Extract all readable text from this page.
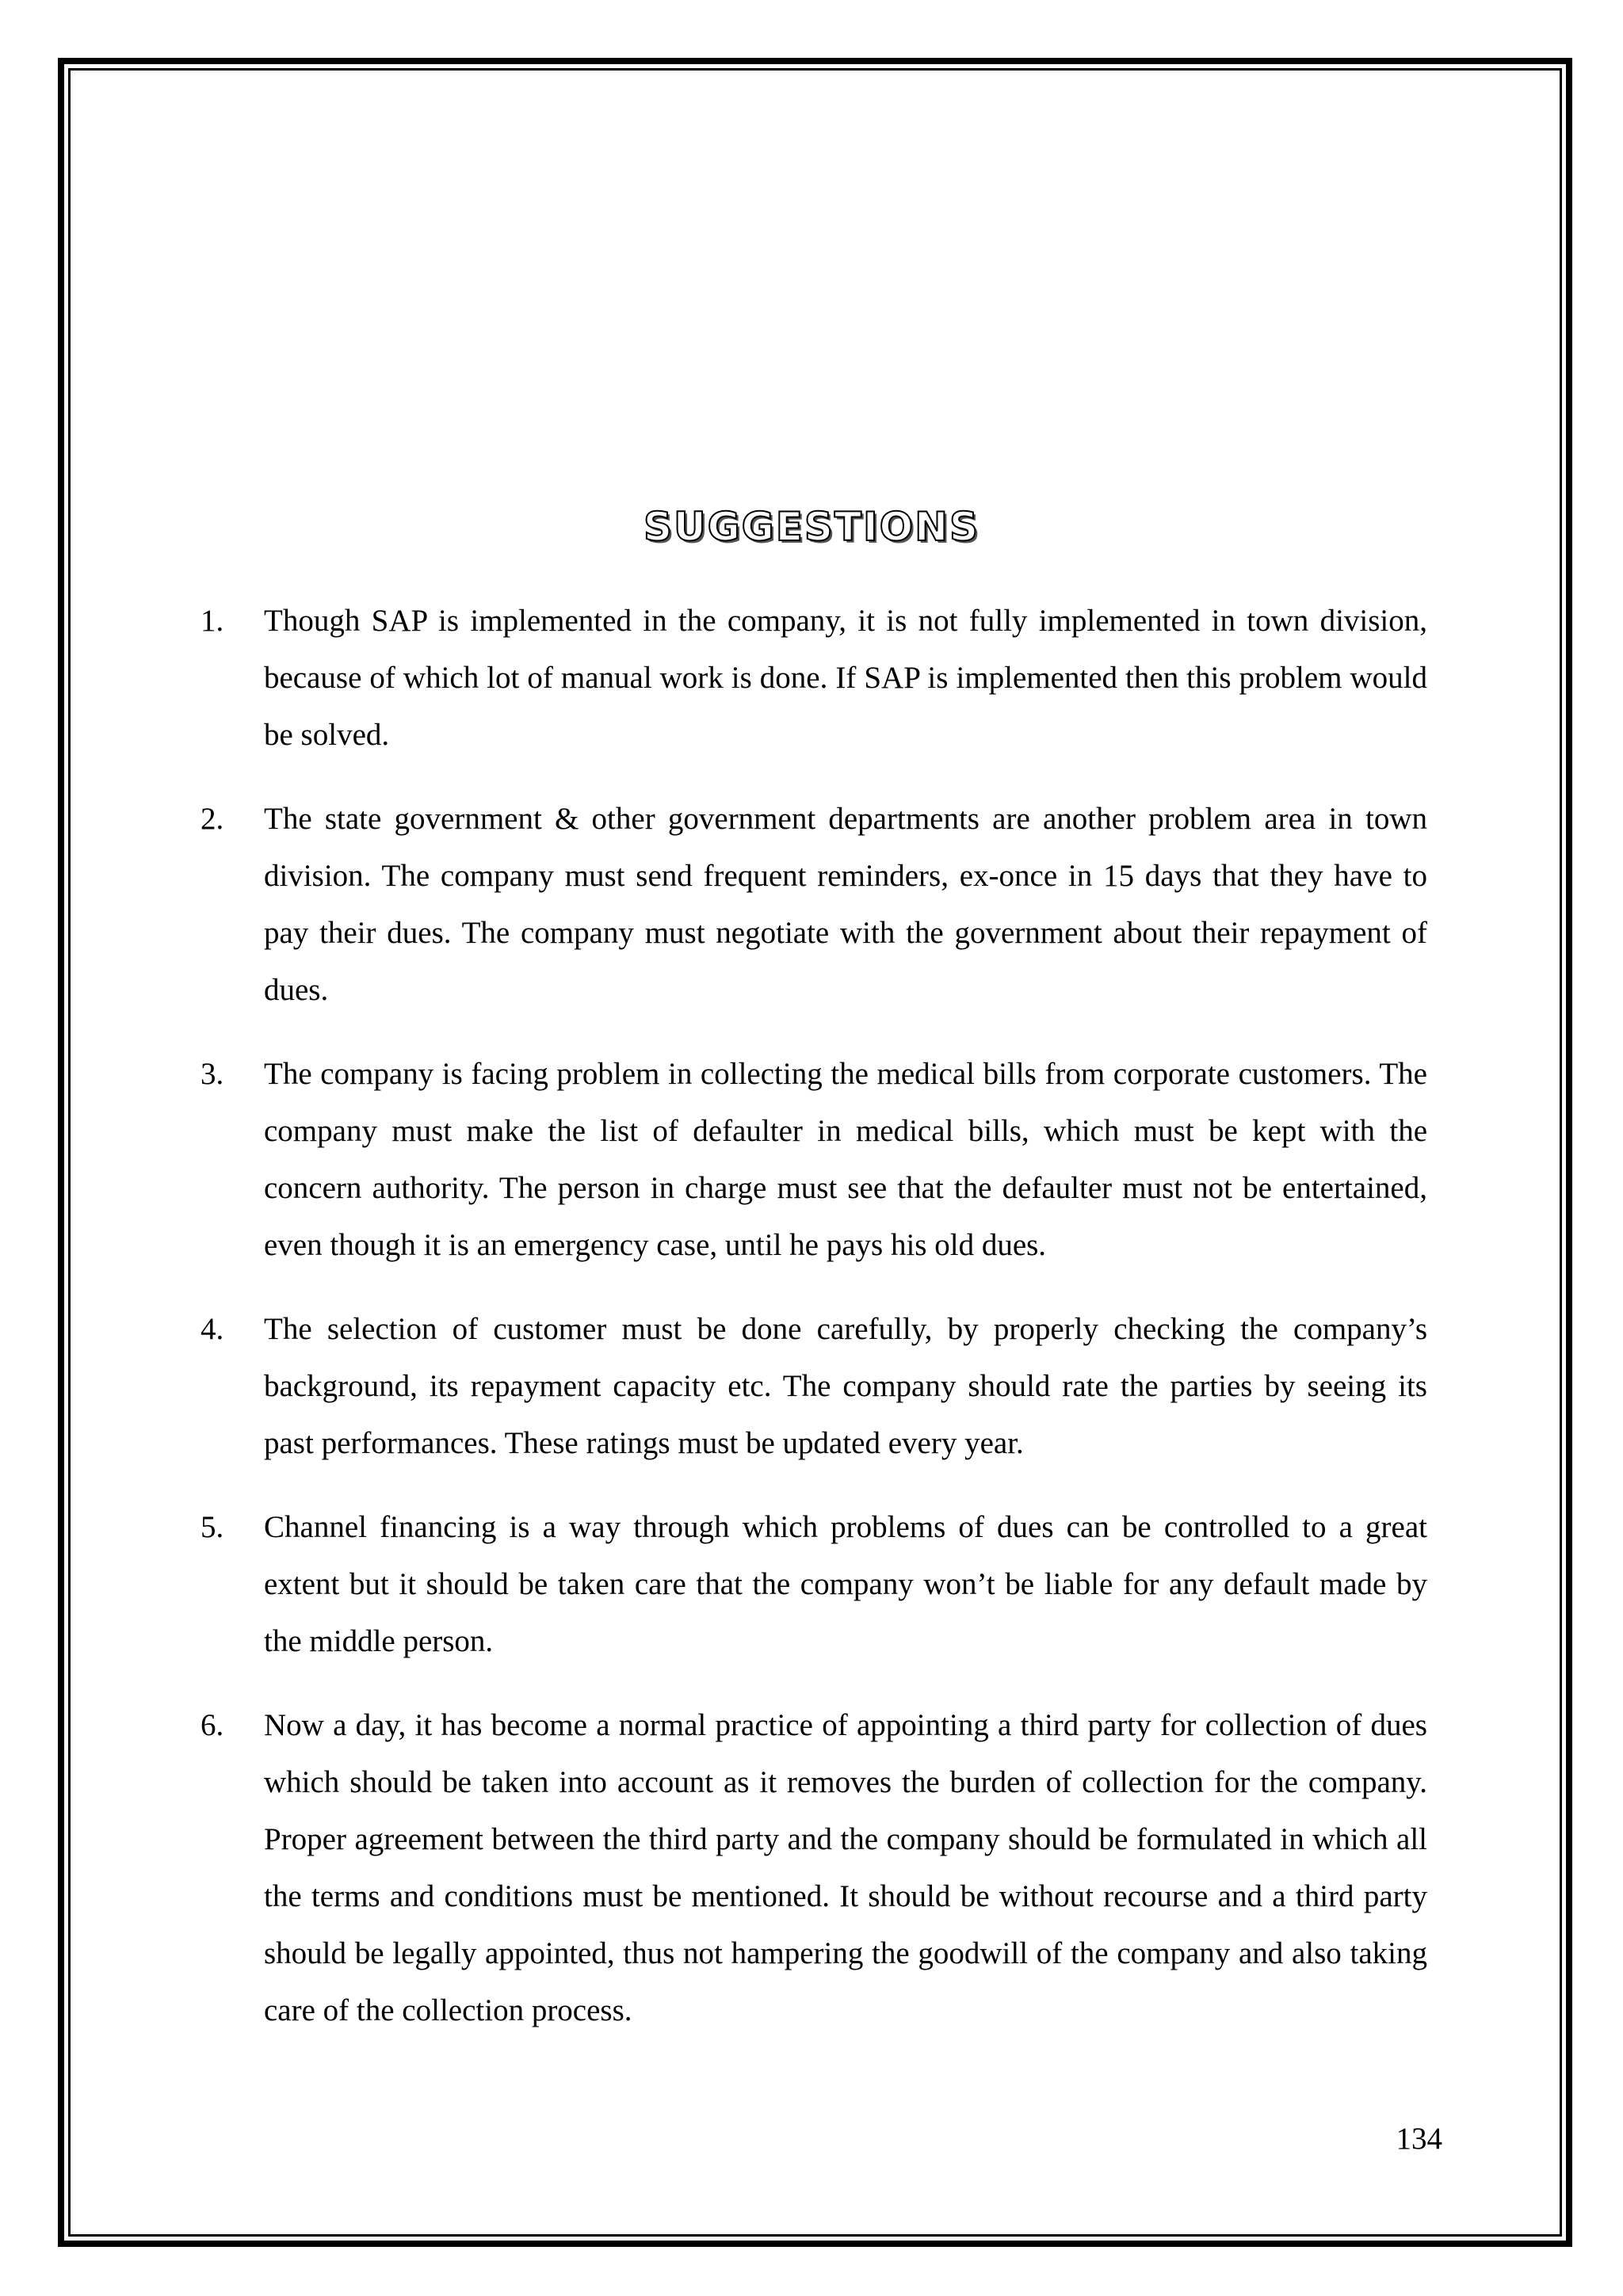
SUGGESTIONS
1.	Though SAP is implemented in the company, it is not fully implemented in town division, because of which lot of manual work is done. If SAP is implemented then this problem would be solved.
2.	The state government & other government departments are another problem area in town division. The company must send frequent reminders, ex-once in 15 days that they have to pay their dues. The company must negotiate with the government about their repayment of dues.
3.	The company is facing problem in collecting the medical bills from corporate customers. The company must make the list of defaulter in medical bills, which must be kept with the concern authority. The person in charge must see that the defaulter must not be entertained, even though it is an emergency case, until he pays his old dues.
4.	The selection of customer must be done carefully, by properly checking the company’s background, its repayment capacity etc. The company should rate the parties by seeing its past performances. These ratings must be updated every year.
5.	Channel financing is a way through which problems of dues can be controlled to a great extent but it should be taken care that the company won’t be liable for any default made by the middle person.
6.	Now a day, it has become a normal practice of appointing a third party for collection of dues which should be taken into account as it removes the burden of collection for the company. Proper agreement between the third party and the company should be formulated in which all the terms and conditions must be mentioned. It should be without recourse and a third party should be legally appointed, thus not hampering the goodwill of the company and also taking care of the collection process.
134
